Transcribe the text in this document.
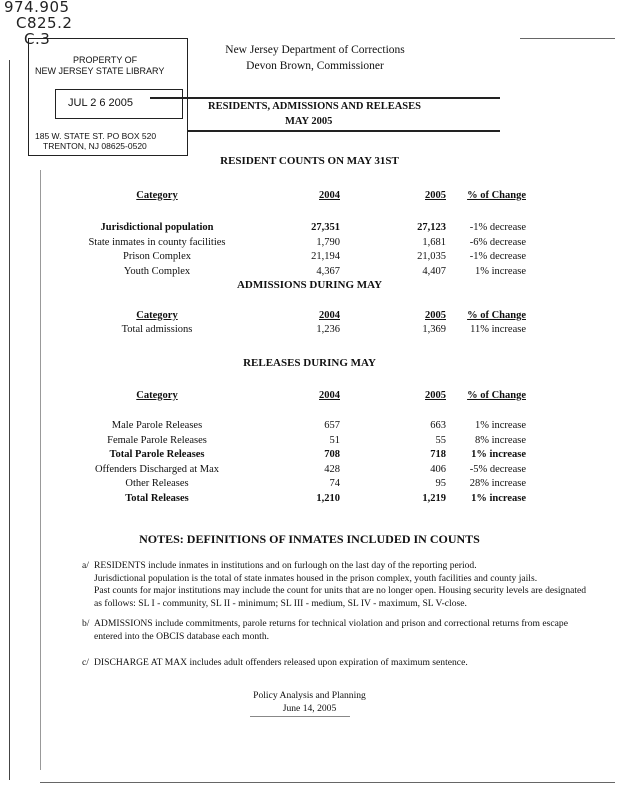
974.905
C825.2
C.3
PROPERTY OF
NEW JERSEY STATE LIBRARY
JUL 2 6 2005
185 W. STATE ST. PO BOX 520
TRENTON, NJ 08625-0520
New Jersey Department of Corrections
Devon Brown, Commissioner
RESIDENTS, ADMISSIONS AND RELEASES
MAY 2005
RESIDENT COUNTS ON MAY 31ST
Category	2004	2005	% of Change

Jurisdictional population	27,351	27,123	-1% decrease
State inmates in county facilities	1,790	1,681	-6% decrease
Prison Complex	21,194	21,035	-1% decrease
Youth Complex	4,367	4,407	1% increase
ADMISSIONS DURING MAY
Category	2004	2005	% of Change
Total admissions	1,236	1,369	11% increase
RELEASES DURING MAY
Category	2004	2005	% of Change

Male Parole Releases	657	663	1% increase
Female Parole Releases	51	55	8% increase
Total Parole Releases	708	718	1% increase
Offenders Discharged at Max	428	406	-5% decrease
Other Releases	74	95	28% increase
Total Releases	1,210	1,219	1% increase
NOTES: DEFINITIONS OF INMATES INCLUDED IN COUNTS
a/ RESIDENTS include inmates in institutions and on furlough on the last day of the reporting period.
Jurisdictional population is the total of state inmates housed in the prison complex, youth facilities and county jails.
Past counts for major institutions may include the count for units that are no longer open. Housing security levels are designated
as follows: SL I - community, SL II - minimum; SL III - medium, SL IV - maximum, SL V-close.
b/ ADMISSIONS include commitments, parole returns for technical violation and prison and correctional returns from escape
entered into the OBCIS database each month.
c/ DISCHARGE AT MAX includes adult offenders released upon expiration of maximum sentence.
Policy Analysis and Planning
June 14, 2005
